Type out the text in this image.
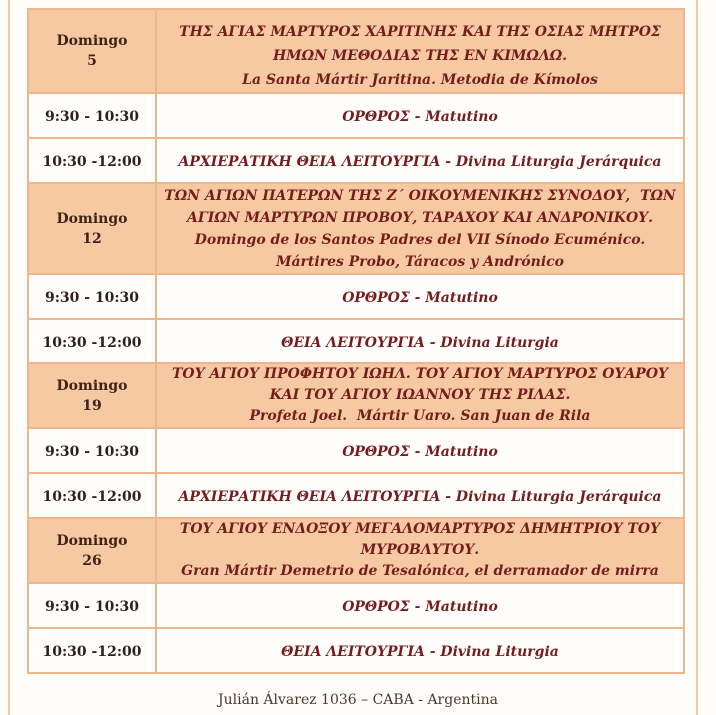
Domingo
5	ΤΗΣ ΑΓΙΑΣ ΜΑΡΤΥΡΟΣ ΧΑΡΙΤΙΝΗΣ ΚΑΙ ΤΗΣ ΟΣΙΑΣ ΜΗΤΡΟΣ
ΗΜΩΝ ΜΕΘΟΔΙΑΣ ΤΗΣ ΕΝ ΚΙΜΩΛΩ.
La Santa Mártir Jaritina. Metodia de Kímolos

9:30 - 10:30	ΟΡΘΡΟΣ - Matutino
10:30 -12:00	ΑΡΧΙΕΡΑΤΙΚΗ ΘΕΙΑ ΛΕΙΤΟΥΡΓΙΑ - Divina Liturgia Jerárquica

Domingo
12	ΤΩΝ ΑΓΙΩΝ ΠΑΤΕΡΩΝ ΤΗΣ Ζ΄ ΟΙΚΟΥΜΕΝΙΚΗΣ ΣΥΝΟΔΟΥ,  ΤΩΝ
ΑΓΙΩΝ ΜΑΡΤΥΡΩΝ ΠΡΟΒΟΥ, ΤΑΡΑΧΟΥ ΚΑΙ ΑΝΔΡΟΝΙΚΟΥ.
Domingo de los Santos Padres del VII Sínodo Ecuménico.
Mártires Probo, Táracos y Andrónico

9:30 - 10:30	ΟΡΘΡΟΣ - Matutino
10:30 -12:00	ΘΕΙΑ ΛΕΙΤΟΥΡΓΙΑ - Divina Liturgia

Domingo
19	ΤΟΥ ΑΓΙΟΥ ΠΡΟΦΗΤΟΥ ΙΩΗΛ. ΤΟΥ ΑΓΙΟΥ ΜΑΡΤΥΡΟΣ ΟΥΑΡΟΥ
ΚΑΙ ΤΟΥ ΑΓΙΟΥ ΙΩΑΝΝΟΥ ΤΗΣ ΡΙΛΑΣ.
Profeta Joel.  Mártir Uaro. San Juan de Rila

9:30 - 10:30	ΟΡΘΡΟΣ - Matutino
10:30 -12:00	ΑΡΧΙΕΡΑΤΙΚΗ ΘΕΙΑ ΛΕΙΤΟΥΡΓΙΑ - Divina Liturgia Jerárquica

Domingo
26	ΤΟΥ ΑΓΙΟΥ ΕΝΔΟΞΟΥ ΜΕΓΑΛΟΜΑΡΤΥΡΟΣ ΔΗΜΗΤΡΙΟΥ ΤΟΥ
ΜΥΡΟΒΛΥΤΟΥ.
Gran Mártir Demetrio de Tesalónica, el derramador de mirra

9:30 - 10:30	ΟΡΘΡΟΣ - Matutino
10:30 -12:00	ΘΕΙΑ ΛΕΙΤΟΥΡΓΙΑ - Divina Liturgia
Julián Álvarez 1036 – CABA - Argentina
